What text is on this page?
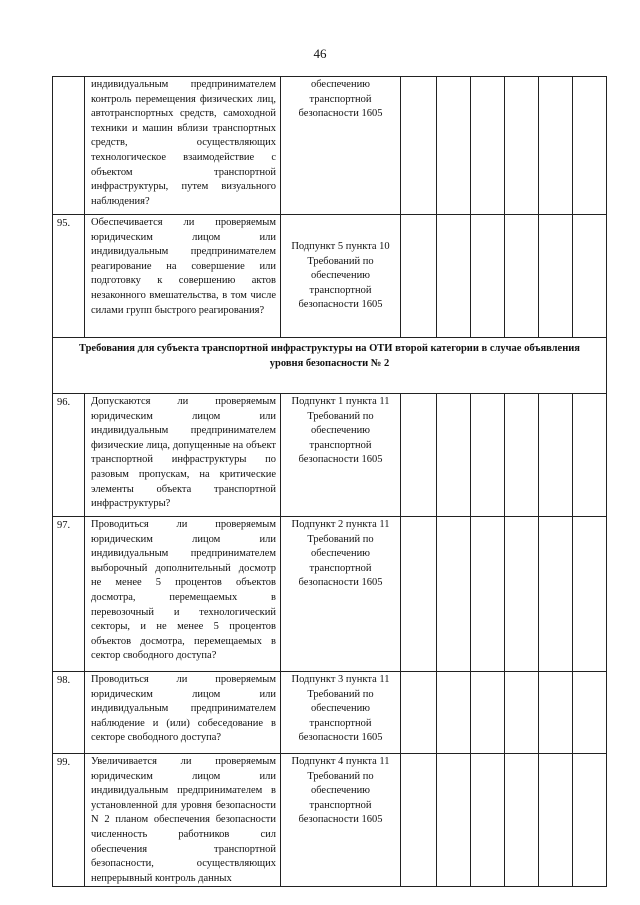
46
	индивидуальным предпринимателем контроль перемещения физических лиц, автотранспортных средств, самоходной техники и машин вблизи транспортных средств, осуществляющих технологическое взаимодействие с объектом транспортной инфраструктуры, путем визуального наблюдения?	обеспечению транспортной безопасности 1605						
95.	Обеспечивается ли проверяемым юридическим лицом или индивидуальным предпринимателем реагирование на совершение или подготовку к совершению актов незаконного вмешательства, в том числе силами групп быстрого реагирования?	Подпункт 5 пункта 10 Требований по обеспечению транспортной безопасности 1605						
Требования для субъекта транспортной инфраструктуры на ОТИ второй категории в случае объявления уровня безопасности № 2								
96.	Допускаются ли проверяемым юридическим лицом или индивидуальным предпринимателем физические лица, допущенные на объект транспортной инфраструктуры по разовым пропускам, на критические элементы объекта транспортной инфраструктуры?	Подпункт 1 пункта 11 Требований по обеспечению транспортной безопасности 1605						
97.	Проводиться ли проверяемым юридическим лицом или индивидуальным предпринимателем выборочный дополнительный досмотр не менее 5 процентов объектов досмотра, перемещаемых в перевозочный и технологический секторы, и не менее 5 процентов объектов досмотра, перемещаемых в сектор свободного доступа?	Подпункт 2 пункта 11 Требований по обеспечению транспортной безопасности 1605						
98.	Проводиться ли проверяемым юридическим лицом или индивидуальным предпринимателем наблюдение и (или) собеседование в секторе свободного доступа?	Подпункт 3 пункта 11 Требований по обеспечению транспортной безопасности 1605						
99.	Увеличивается ли проверяемым юридическим лицом или индивидуальным предпринимателем в установленной для уровня безопасности N 2 планом обеспечения безопасности численность работников сил обеспечения транспортной безопасности, осуществляющих непрерывный контроль данных	Подпункт 4 пункта 11 Требований по обеспечению транспортной безопасности 1605						
